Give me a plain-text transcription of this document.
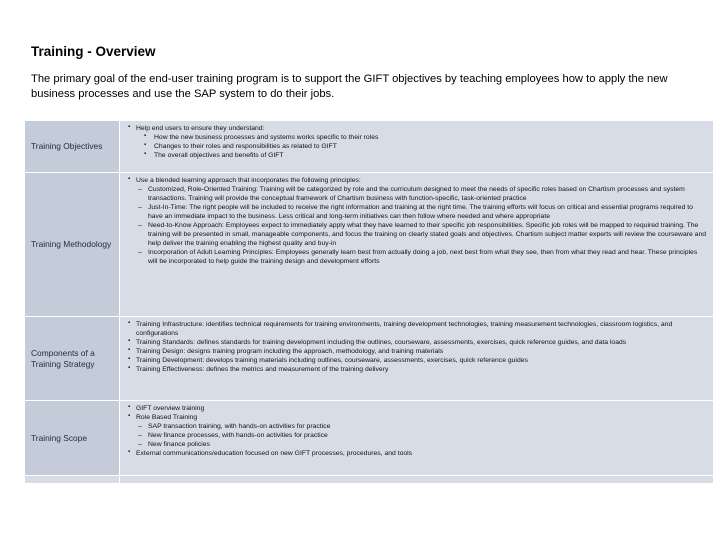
Training - Overview
The primary goal of the end-user training program is to support the GIFT objectives by teaching employees how to apply the new business processes and use the SAP system to do their jobs.
Training Objectives
▪ Help end users to ensure they understand:
▪ How the new business processes and systems works specific to their roles
▪ Changes to their roles and responsibilities as related to GIFT
▪ The overall objectives and benefits of GIFT
Training Methodology
▪ Use a blended learning approach that incorporates the following principles:
– Customized, Role-Oriented Training: Training will be categorized by role and the curriculum designed to meet the needs of specific roles based on Chartism processes and system transactions. Training will provide the conceptual framework of Chartism business with function-specific, task-oriented practice
– Just-In-Time: The right people will be included to receive the right information and training at the right time. The training efforts will focus on critical and essential programs required to have an immediate impact to the business. Less critical and long-term initiatives can then follow where needed and where appropriate
– Need-to-Know Approach: Employees expect to immediately apply what they have learned to their specific job responsibilities. Specific job roles will be mapped to required training. The training will be presented in small, manageable components, and focus the training on clearly stated goals and objectives. Chartism subject matter experts will review the courseware and help deliver the training enabling the highest quality and buy-in
– Incorporation of Adult Learning Principles: Employees generally learn best from actually doing a job, next best from what they see, then from what they read and hear. These principles will be incorporated to help guide the training design and development efforts
Components of a Training Strategy
▪ Training Infrastructure: identifies technical requirements for training environments, training development technologies, training measurement technologies, classroom logistics, and configurations
▪ Training Standards: defines standards for training development including the outlines, courseware, assessments, exercises, quick reference guides, and data loads
▪ Training Design: designs training program including the approach, methodology, and training materials
▪ Training Development: develops training materials including outlines, courseware, assessments, exercises, quick reference guides
▪ Training Effectiveness: defines the metrics and measurement of the training delivery
Training Scope
▪ GIFT overview training
▪ Role Based Training
– SAP transaction training, with hands-on activities for practice
– New finance processes, with hands-on activities for practice
– New finance policies
▪ External communications/education focused on new GIFT processes, procedures, and tools
